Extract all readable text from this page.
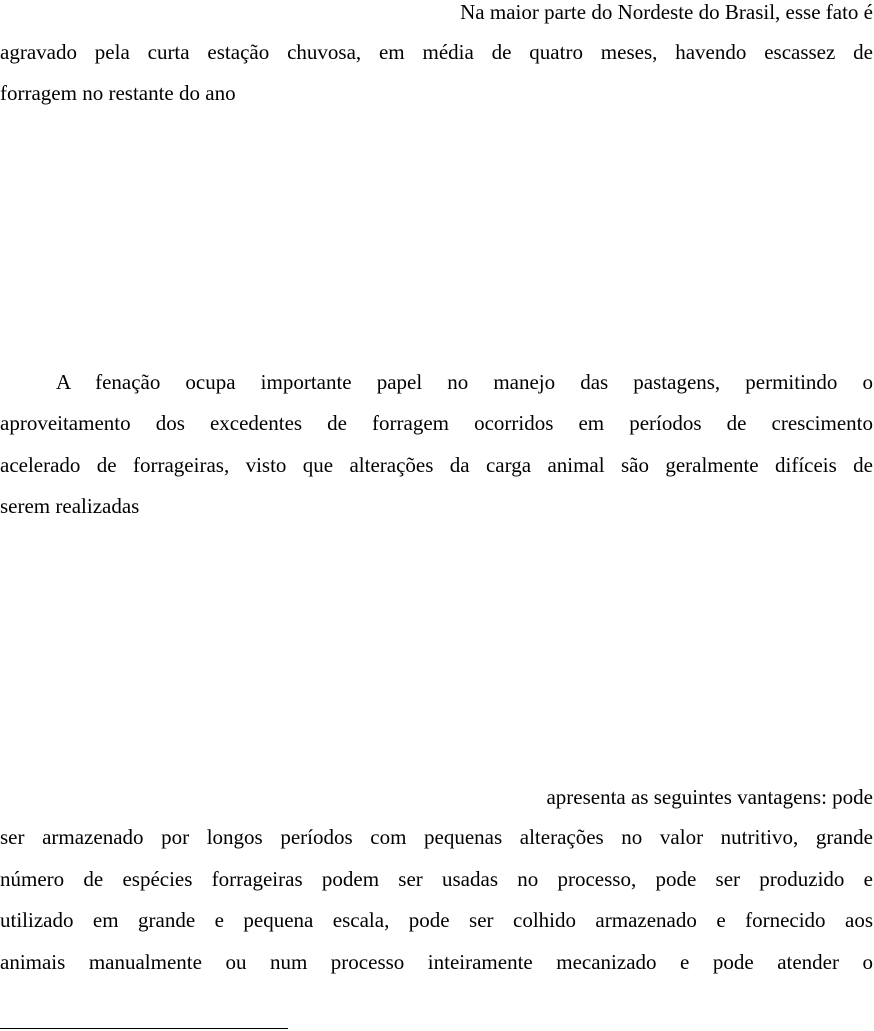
Na maior parte do Nordeste do Brasil, esse fato é

agravado pela curta estação chuvosa, em média de quatro meses, havendo escassez de

forragem no restante do ano

A fenação ocupa importante papel no manejo das pastagens, permitindo o

aproveitamento dos excedentes de forragem ocorridos em períodos de crescimento

acelerado de forrageiras, visto que alterações da carga animal são geralmente difíceis de

serem realizadas

apresenta as seguintes vantagens: pode

ser armazenado por longos períodos com pequenas alterações no valor nutritivo, grande

número de espécies forrageiras podem ser usadas no processo, pode ser produzido e

utilizado em grande e pequena escala, pode ser colhido armazenado e fornecido aos

animais manualmente ou num processo inteiramente mecanizado e pode atender o
